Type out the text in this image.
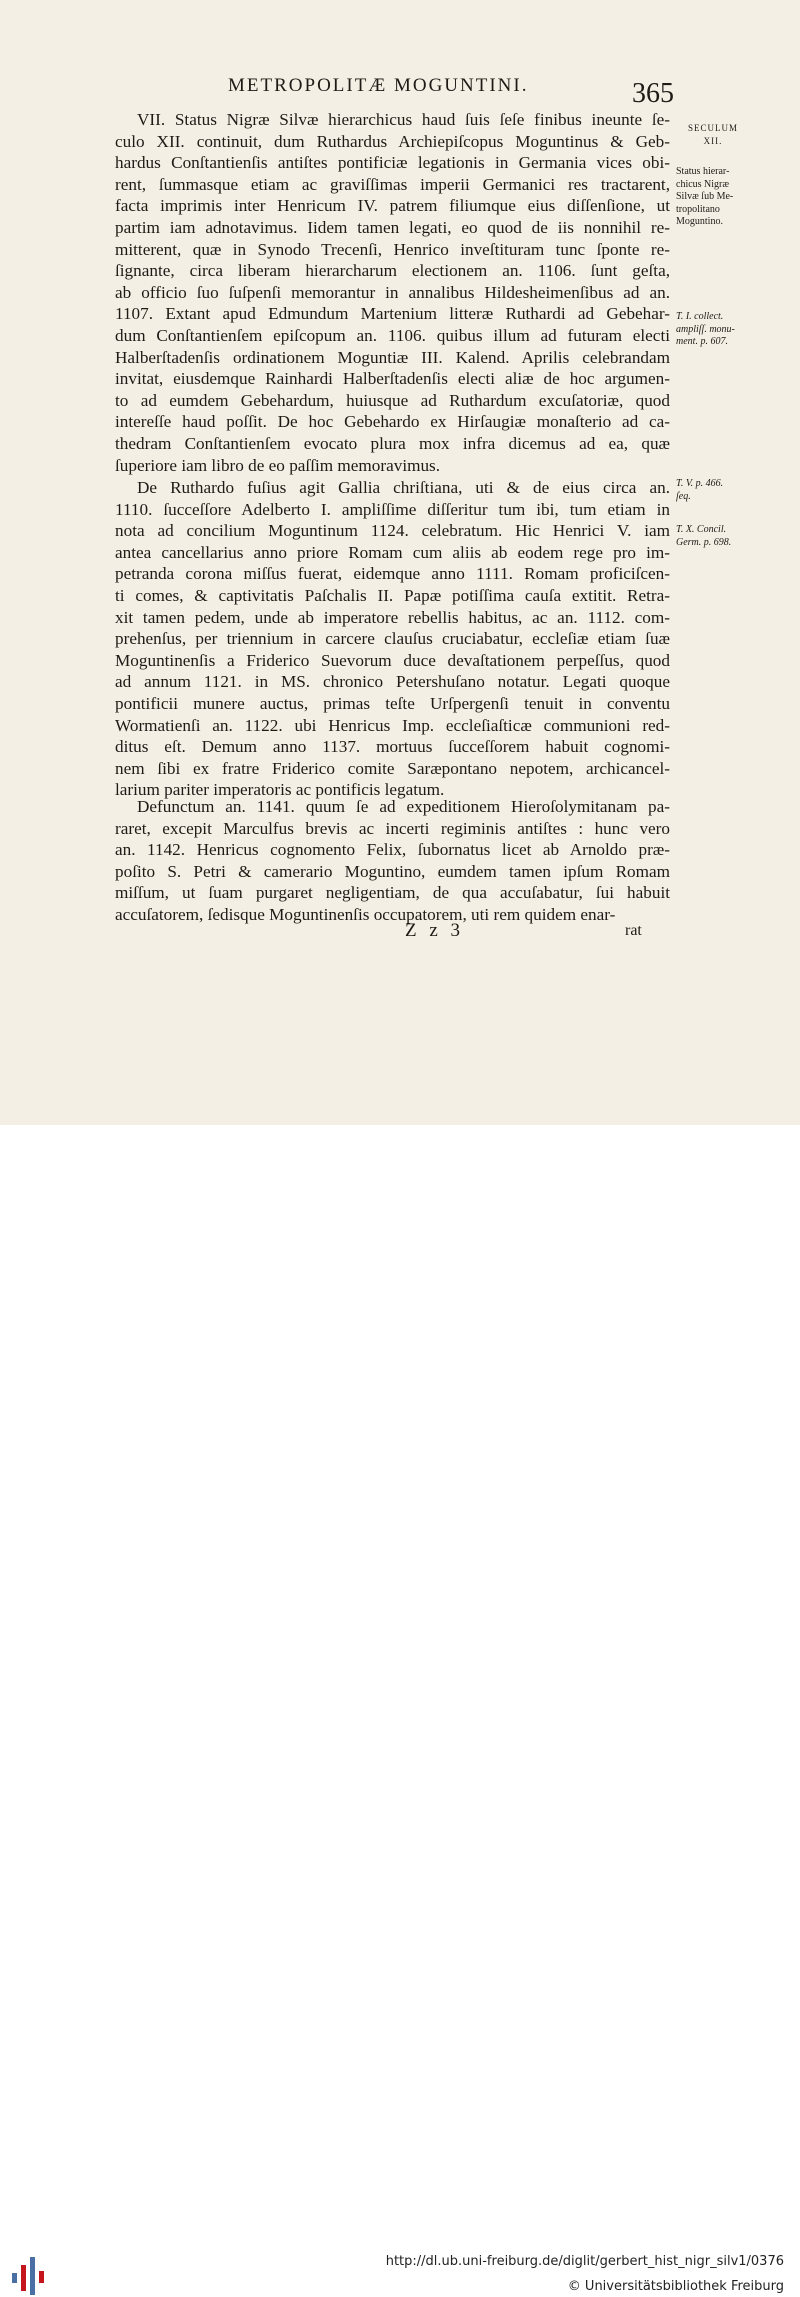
METROPOLITÆ MOGUNTINI.	365
VII. Status Nigræ Silvæ hierarchicus haud ſuis ſeſe finibus ineunte ſe-
culo XII. continuit, dum Ruthardus Archiepiſcopus Moguntinus & Geb-
hardus Conſtantienſis antiſtes pontificiæ legationis in Germania vices obi-
rent, ſummasque etiam ac graviſſimas imperii Germanici res tractarent,
facta imprimis inter Henricum IV. patrem filiumque eius diſſenſione, ut
partim iam adnotavimus. Iidem tamen legati, eo quod de iis nonnihil re-
mitterent, quæ in Synodo Trecenſi, Henrico inveſtituram tunc ſponte re-
ſignante, circa liberam hierarcharum electionem an. 1106. ſunt geſta,
ab officio ſuo ſuſpenſi memorantur in annalibus Hildesheimenſibus ad an.
1107. Extant apud Edmundum Martenium litteræ Ruthardi ad Gebehar-
dum Conſtantienſem epiſcopum an. 1106. quibus illum ad futuram electi
Halberſtadenſis ordinationem Moguntiæ III. Kalend. Aprilis celebrandam
invitat, eiusdemque Rainhardi Halberſtadenſis electi aliæ de hoc argumen-
to ad eumdem Gebehardum, huiusque ad Ruthardum excuſatoriæ, quod
intereſſe haud poſſit. De hoc Gebehardo ex Hirſaugiæ monaſterio ad ca-
thedram Conſtantienſem evocato plura mox infra dicemus ad ea, quæ
ſuperiore iam libro de eo paſſim memoravimus.
De Ruthardo fuſius agit Gallia chriſtiana, uti & de eius circa an.
1110. ſucceſſore Adelberto I. ampliſſime diſſeritur tum ibi, tum etiam in
nota ad concilium Moguntinum 1124. celebratum. Hic Henrici V. iam
antea cancellarius anno priore Romam cum aliis ab eodem rege pro im-
petranda corona miſſus fuerat, eidemque anno 1111. Romam proficiſcen-
ti comes, & captivitatis Paſchalis II. Papæ potiſſima cauſa extitit. Retra-
xit tamen pedem, unde ab imperatore rebellis habitus, ac an. 1112. com-
prehenſus, per triennium in carcere clauſus cruciabatur, eccleſiæ etiam ſuæ
Moguntinenſis a Friderico Suevorum duce devaſtationem perpeſſus, quod
ad annum 1121. in MS. chronico Petershuſano notatur. Legati quoque
pontificii munere auctus, primas teſte Urſpergenſi tenuit in conventu
Wormatienſi an. 1122. ubi Henricus Imp. eccleſiaſticæ communioni red-
ditus eſt. Demum anno 1137. mortuus ſucceſſorem habuit cognomi-
nem ſibi ex fratre Friderico comite Saræpontano nepotem, archicancel-
larium pariter imperatoris ac pontificis legatum.
Defunctum an. 1141. quum ſe ad expeditionem Hieroſolymitanam pa-
raret, excepit Marculfus brevis ac incerti regiminis antiſtes : hunc vero
an. 1142. Henricus cognomento Felix, ſubornatus licet ab Arnoldo præ-
poſito S. Petri & camerario Moguntino, eumdem tamen ipſum Romam
miſſum, ut ſuam purgaret negligentiam, de qua accuſabatur, ſui habuit
accuſatorem, ſedisque Moguntinenſis occupatorem, uti rem quidem enar-
SECULUM
XII.
Status hierar-
chicus Nigræ
Silvæ ſub Me-
tropolitano
Moguntino.
T. I. collect.
ampliſſ. monu-
ment. p. 607.
T. V. p. 466.
ſeq.
T. X. Concil.
Germ. p. 698.
Z z 3	rat
http://dl.ub.uni-freiburg.de/diglit/gerbert_hist_nigr_silv1/0376
© Universitätsbibliothek Freiburg
